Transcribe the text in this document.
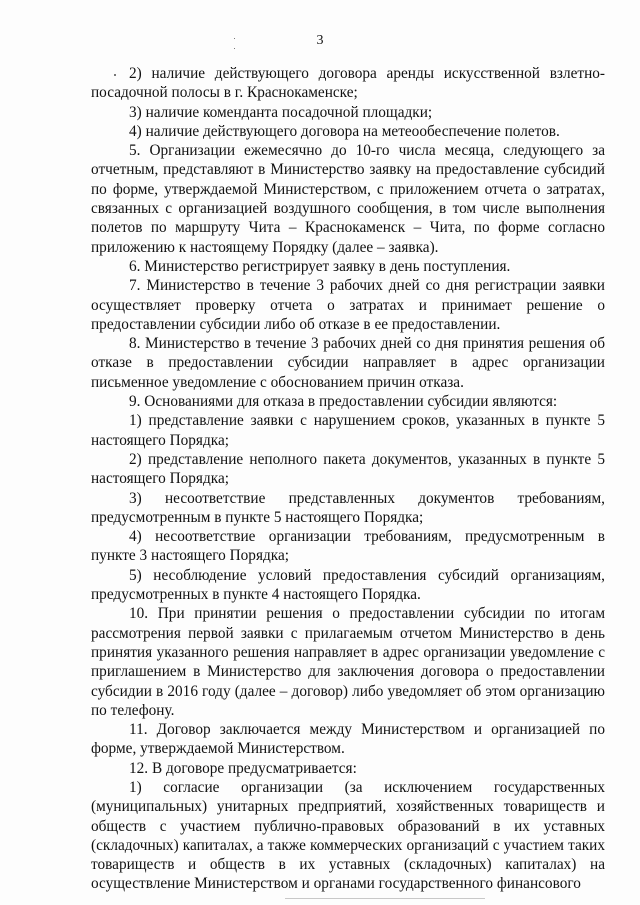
3

2) наличие действующего договора аренды искусственной взлетно-посадочной полосы в г. Краснокаменске;

3) наличие коменданта посадочной площадки;

4) наличие действующего договора на метеообеспечение полетов.

5. Организации ежемесячно до 10-го числа месяца, следующего за отчетным, представляют в Министерство заявку на предоставление субсидий по форме, утверждаемой Министерством, с приложением отчета о затратах, связанных с организацией воздушного сообщения, в том числе выполнения полетов по маршруту Чита – Краснокаменск – Чита, по форме согласно приложению к настоящему Порядку (далее – заявка).

6. Министерство регистрирует заявку в день поступления.

7. Министерство в течение 3 рабочих дней со дня регистрации заявки осуществляет проверку отчета о затратах и принимает решение о предоставлении субсидии либо об отказе в ее предоставлении.

8. Министерство в течение 3 рабочих дней со дня принятия решения об отказе в предоставлении субсидии направляет в адрес организации письменное уведомление с обоснованием причин отказа.

9. Основаниями для отказа в предоставлении субсидии являются:

1) представление заявки с нарушением сроков, указанных в пункте 5 настоящего Порядка;

2) представление неполного пакета документов, указанных в пункте 5 настоящего Порядка;

3) несоответствие представленных документов требованиям, предусмотренным в пункте 5 настоящего Порядка;

4) несоответствие организации требованиям, предусмотренным в пункте 3 настоящего Порядка;

5) несоблюдение условий предоставления субсидий организациям, предусмотренных в пункте 4 настоящего Порядка.

10. При принятии решения о предоставлении субсидии по итогам рассмотрения первой заявки с прилагаемым отчетом Министерство в день принятия указанного решения направляет в адрес организации уведомление с приглашением в Министерство для заключения договора о предоставлении субсидии в 2016 году (далее – договор) либо уведомляет об этом организацию по телефону.

11. Договор заключается между Министерством и организацией по форме, утверждаемой Министерством.

12. В договоре предусматривается:

1) согласие организации (за исключением государственных (муниципальных) унитарных предприятий, хозяйственных товариществ и обществ с участием публично-правовых образований в их уставных (складочных) капиталах, а также коммерческих организаций с участием таких товариществ и обществ в их уставных (складочных) капиталах) на осуществление Министерством и органами государственного финансового
